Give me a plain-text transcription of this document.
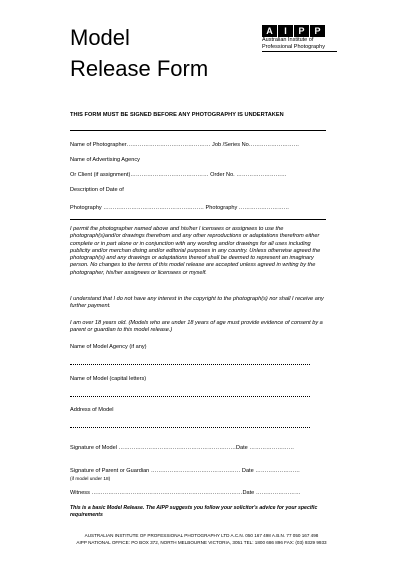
Model
Release Form
A	I	P	P
Australian Institute of
Professional Photography
THIS FORM MUST BE SIGNED BEFORE ANY PHOTOGRAPHY IS UNDERTAKEN
Name of Photographer……………………………………… Job /Series No………………………
Name of Advertising Agency
Or Client (if assignment)…………………………………… Order No. ………………………
Description of Date of
Photography ……………………………………………… Photography ………………………
I permit the photographer named above and his/her l icensees or assignees to use the photograph(s)and/or drawings therefrom and any other reproductions or adaptations therefrom either complete or in part alone or in conjunction with any wording and/or drawings for all uses including publicity and/or merchan dising and/or editorial purposes in any country. Unless otherwise agreed the photograph(s) and any drawings or adaptations thereof shall be deemed to represent an imaginary person. No changes to the terms of this model release are accepted unless agreed in writing by the photographer, his/her assignees or licensees or myself.
I understand that I do not have any interest in the copyright to the photograph(s) nor shall I receive any further payment.
I am over 18 years old. (Models who are under 18 years of age must provide evidence of consent by a parent or guardian to this model release.)
Name of Model Agency (if any)
Name of Model (capital letters)
Address of Model
Signature of Model ………………………………………………………Date ……………………
Signature of Parent or Guardian ………………………………………… Date ……………………
(if model under 18)
Witness ………………………………………………………………………Date ……………………
This is a basic Model Release. The AIPP suggests you follow your solicitor's advice for your specific requirements
AUSTRALIAN INSTITUTE OF PROFESSIONAL PHOTOGRAPHY LTD A.C.N. 050 167 498 A.B.N. 77 050 167 498
AIPP NATIONAL OFFICE: PO BOX 372, NORTH MELBOURNE VICTORIA, 3051 TEL: 1800 686 896 FAX: (03) 9329 9933
